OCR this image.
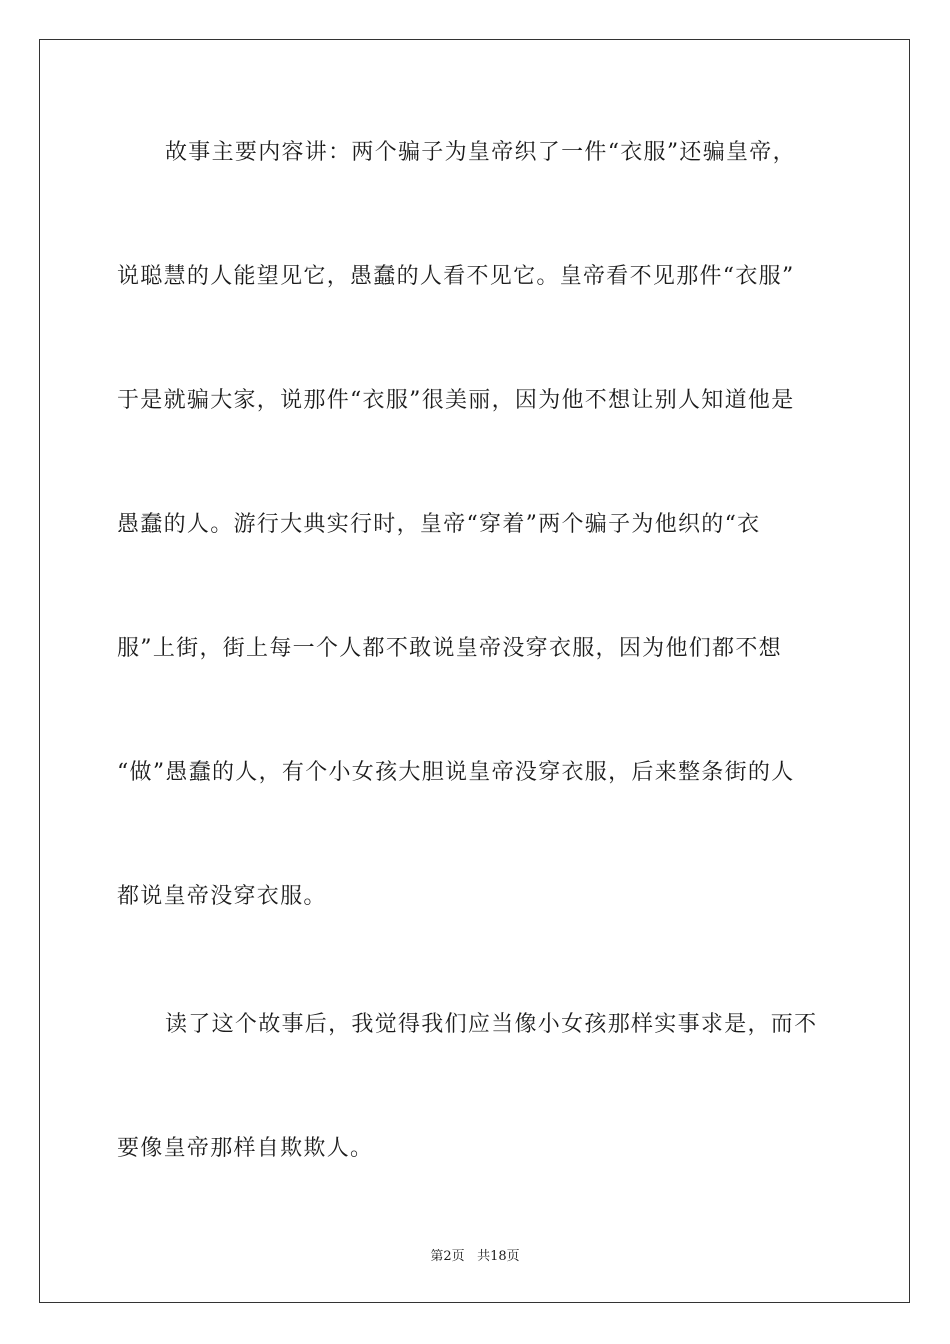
故事主要内容讲：两个骗子为皇帝织了一件“衣服”还骗皇帝，
说聪慧的人能望见它，愚蠢的人看不见它。皇帝看不见那件“衣服”
于是就骗大家，说那件“衣服”很美丽，因为他不想让别人知道他是
愚蠢的人。游行大典实行时，皇帝“穿着”两个骗子为他织的“衣
服”上街，街上每一个人都不敢说皇帝没穿衣服，因为他们都不想
“做”愚蠢的人，有个小女孩大胆说皇帝没穿衣服，后来整条街的人
都说皇帝没穿衣服。
读了这个故事后，我觉得我们应当像小女孩那样实事求是，而不
要像皇帝那样自欺欺人。
第2页 共18页
